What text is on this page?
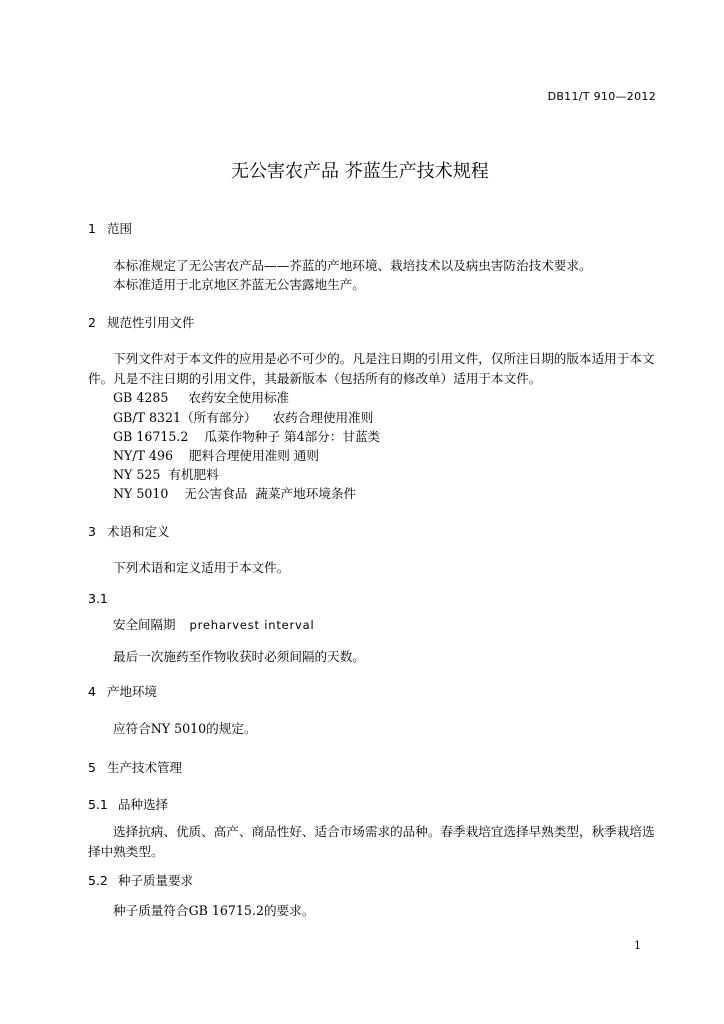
DB11/T 910—2012
无公害农产品 芥蓝生产技术规程
1 范围
本标准规定了无公害农产品——芥蓝的产地环境、栽培技术以及病虫害防治技术要求。
本标准适用于北京地区芥蓝无公害露地生产。
2 规范性引用文件
下列文件对于本文件的应用是必不可少的。凡是注日期的引用文件，仅所注日期的版本适用于本文
件。凡是不注日期的引用文件，其最新版本（包括所有的修改单）适用于本文件。
GB 4285 农药安全使用标准
GB/T 8321（所有部分） 农药合理使用准则
GB 16715.2 瓜菜作物种子 第4部分：甘蓝类
NY/T 496 肥料合理使用准则 通则
NY 525 有机肥料
NY 5010 无公害食品  蔬菜产地环境条件
3 术语和定义
下列术语和定义适用于本文件。
3.1
安全间隔期 preharvest interval
最后一次施药至作物收获时必须间隔的天数。
4 产地环境
应符合NY 5010的规定。
5 生产技术管理
5.1 品种选择
选择抗病、优质、高产、商品性好、适合市场需求的品种。春季栽培宜选择早熟类型，秋季栽培选
择中熟类型。
5.2 种子质量要求
种子质量符合GB 16715.2的要求。
1
